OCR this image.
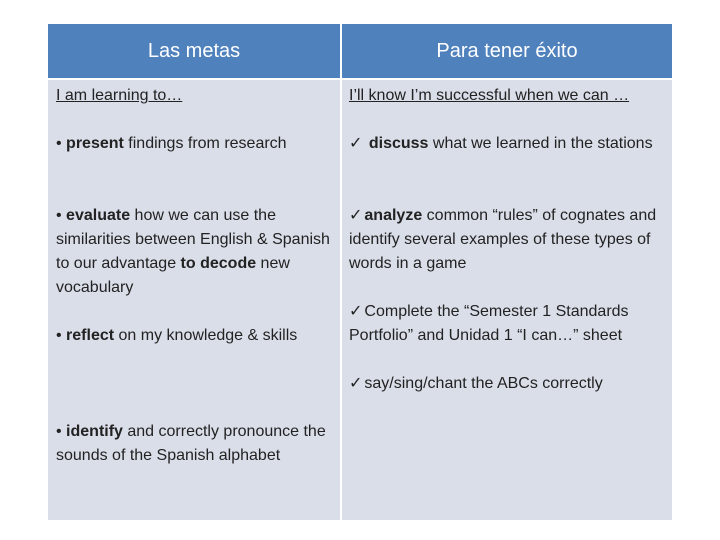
Las metas	Para tener éxito
I am learning to…
• present findings from research
• evaluate how we can use the similarities between English & Spanish to our advantage to decode new vocabulary
• reflect on my knowledge & skills
• identify and correctly pronounce the sounds of the Spanish alphabet
I’ll know I’m successful when we can …
✓ discuss what we learned in the stations
✓ analyze common “rules” of cognates and identify several examples of these types of words in a game
✓ Complete the “Semester 1 Standards Portfolio” and Unidad 1 “I can…” sheet
✓ say/sing/chant the ABCs correctly
